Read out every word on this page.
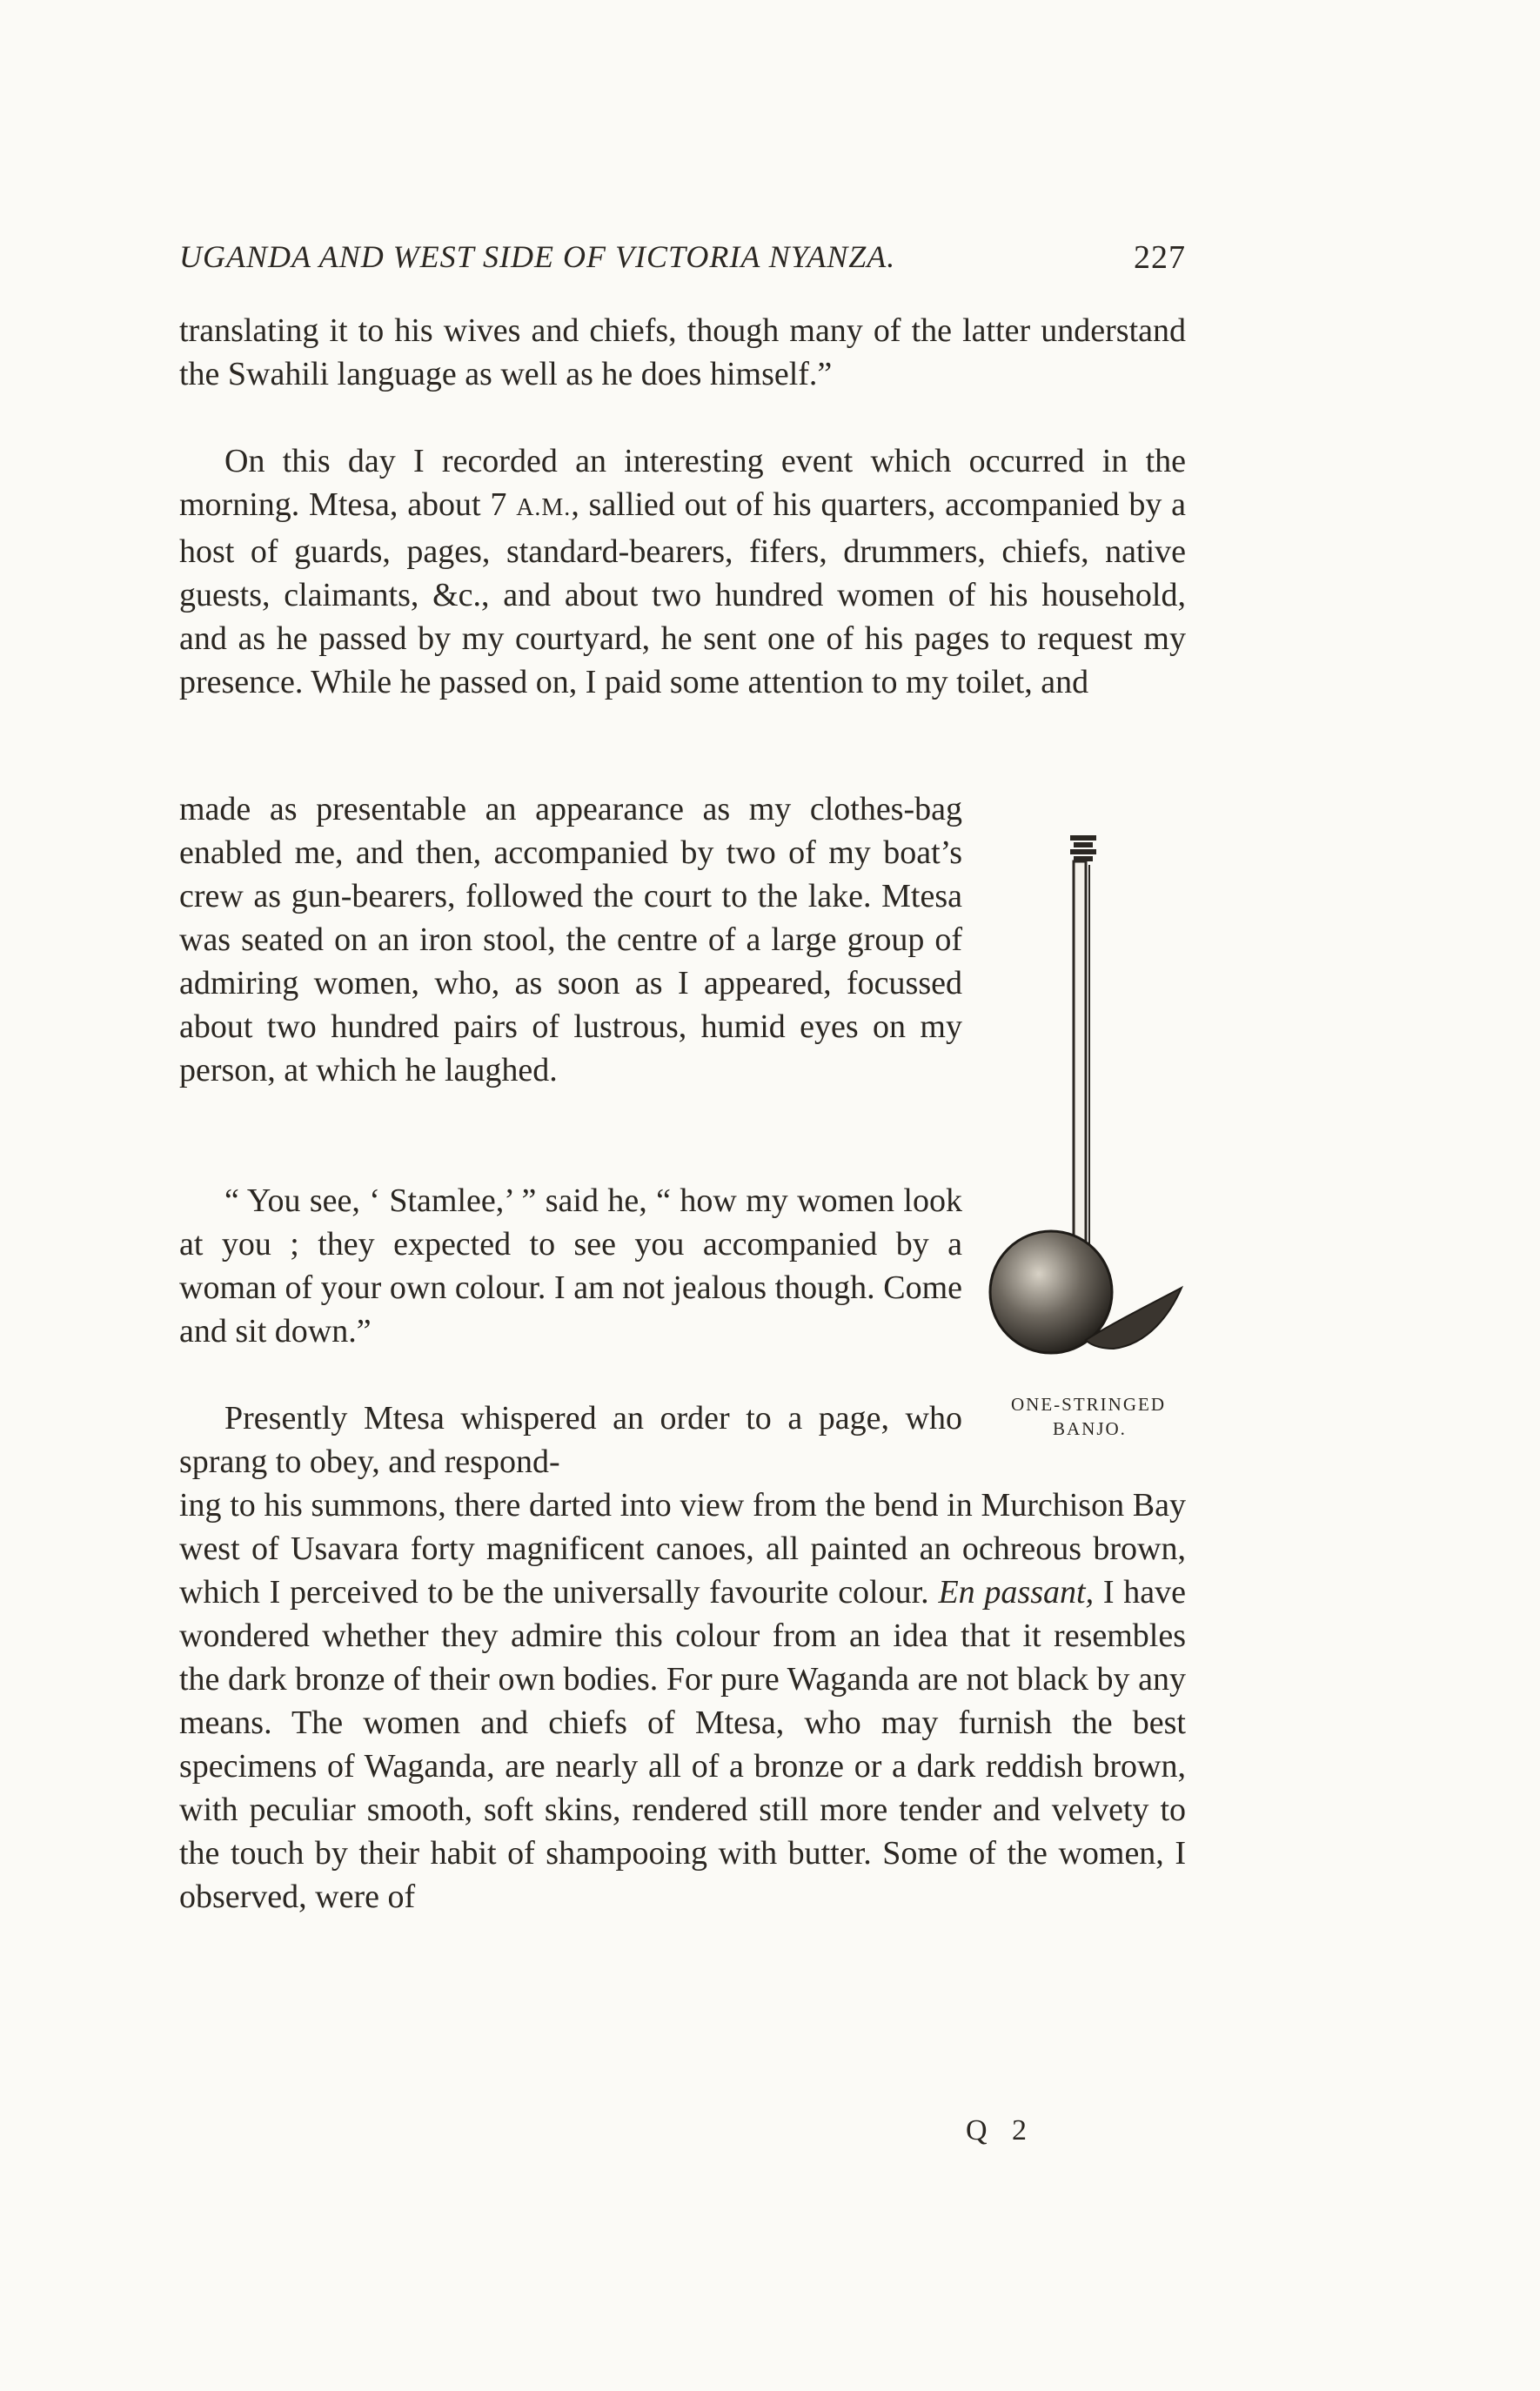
UGANDA AND WEST SIDE OF VICTORIA NYANZA.	227

translating it to his wives and chiefs, though many of the latter understand the Swahili language as well as he does himself.”

On this day I recorded an interesting event which occurred in the morning. Mtesa, about 7 A.M., sallied out of his quarters, accompanied by a host of guards, pages, standard-bearers, fifers, drummers, chiefs, native guests, claimants, &c., and about two hundred women of his household, and as he passed by my courtyard, he sent one of his pages to request my presence. While he passed on, I paid some attention to my toilet, and

made as presentable an appearance as my clothes-bag enabled me, and then, accompanied by two of my boat’s crew as gun-bearers, followed the court to the lake. Mtesa was seated on an iron stool, the centre of a large group of admiring women, who, as soon as I appeared, focussed about two hundred pairs of lustrous, humid eyes on my person, at which he laughed.

“ You see, ‘ Stamlee,’ ” said he, “ how my women look at you ; they expected to see you accompanied by a woman of your own colour. I am not jealous though. Come and sit down.”

Presently Mtesa whispered an order to a page, who sprang to obey, and respond-

ing to his summons, there darted into view from the bend in Murchison Bay west of Usavara forty magnificent canoes, all painted an ochreous brown, which I perceived to be the universally favourite colour. En passant, I have wondered whether they admire this colour from an idea that it resembles the dark bronze of their own bodies. For pure Waganda are not black by any means. The women and chiefs of Mtesa, who may furnish the best specimens of Waganda, are nearly all of a bronze or a dark reddish brown, with peculiar smooth, soft skins, rendered still more tender and velvety to the touch by their habit of shampooing with butter. Some of the women, I observed, were of

ONE-STRINGED
BANJO.
Q 2
